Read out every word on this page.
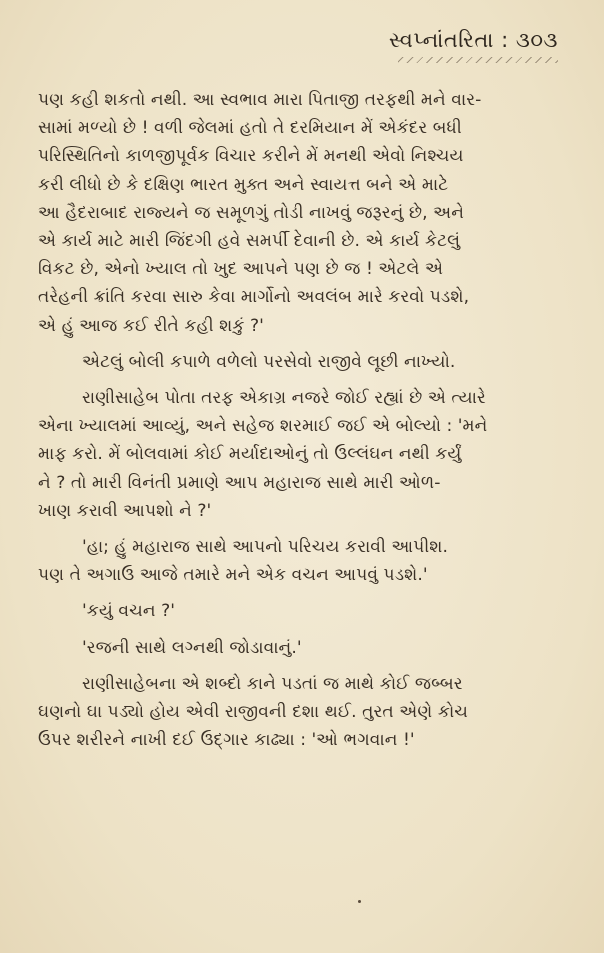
સ્વપ્નાંતરિતા : ૩૦૩
પણ કહી શકતો નથી. આ સ્વભાવ મારા પિતાજી તરફથી મને વાર-
સામાં મળ્યો છે ! વળી જેલમાં હતો તે દરમિયાન મેં એકંદર બધી
પરિસ્થિતિનો કાળજીપૂર્વક વિચાર કરીને મેં મનથી એવો નિશ્ચય
કરી લીધો છે કે દક્ષિણ ભારત મુક્ત અને સ્વાયત્ત બને એ માટે
આ હૈદરાબાદ રાજ્યને જ સમૂળગું તોડી નાખવું જરૂરનું છે, અને
એ કાર્ય માટે મારી જિંદગી હવે સમર્પી દેવાની છે. એ કાર્ય કેટલું
વિકટ છે, એનો ખ્યાલ તો ખુદ આપને પણ છે જ ! એટલે એ
તરેહની ક્રાંતિ કરવા સારુ કેવા માર્ગોનો અવલંબ મારે કરવો પડશે,
એ હું આજ કઈ રીતે કહી શકું ?'
એટલું બોલી કપાળે વળેલો પરસેવો રાજીવે લૂછી નાખ્યો.
રાણીસાહેબ પોતા તરફ એકાગ્ર નજરે જોઈ રહ્યાં છે એ ત્યારે
એના ખ્યાલમાં આવ્યું, અને સહેજ શરમાઈ જઈ એ બોલ્યો : 'મને
માફ કરો. મેં બોલવામાં કોઈ મર્યાદાઓનું તો ઉલ્લંઘન નથી કર્યું
ને ? તો મારી વિનંતી પ્રમાણે આપ મહારાજ સાથે મારી ઓળ-
ખાણ કરાવી આપશો ને ?'
'હા; હું મહારાજ સાથે આપનો પરિચય કરાવી આપીશ.
પણ તે અગાઉ આજે તમારે મને એક વચન આપવું પડશે.'
'કયું વચન ?'
'રજની સાથે લગ્નથી જોડાવાનું.'
રાણીસાહેબના એ શબ્દો કાને પડતાં જ માથે કોઈ જબ્બર
ઘણનો ઘા પડ્યો હોય એવી રાજીવની દશા થઈ. તુરત એણે કોચ
ઉપર શરીરને નાખી દઈ ઉદ્ગાર કાઢ્યા : 'ઓ ભગવાન !'
